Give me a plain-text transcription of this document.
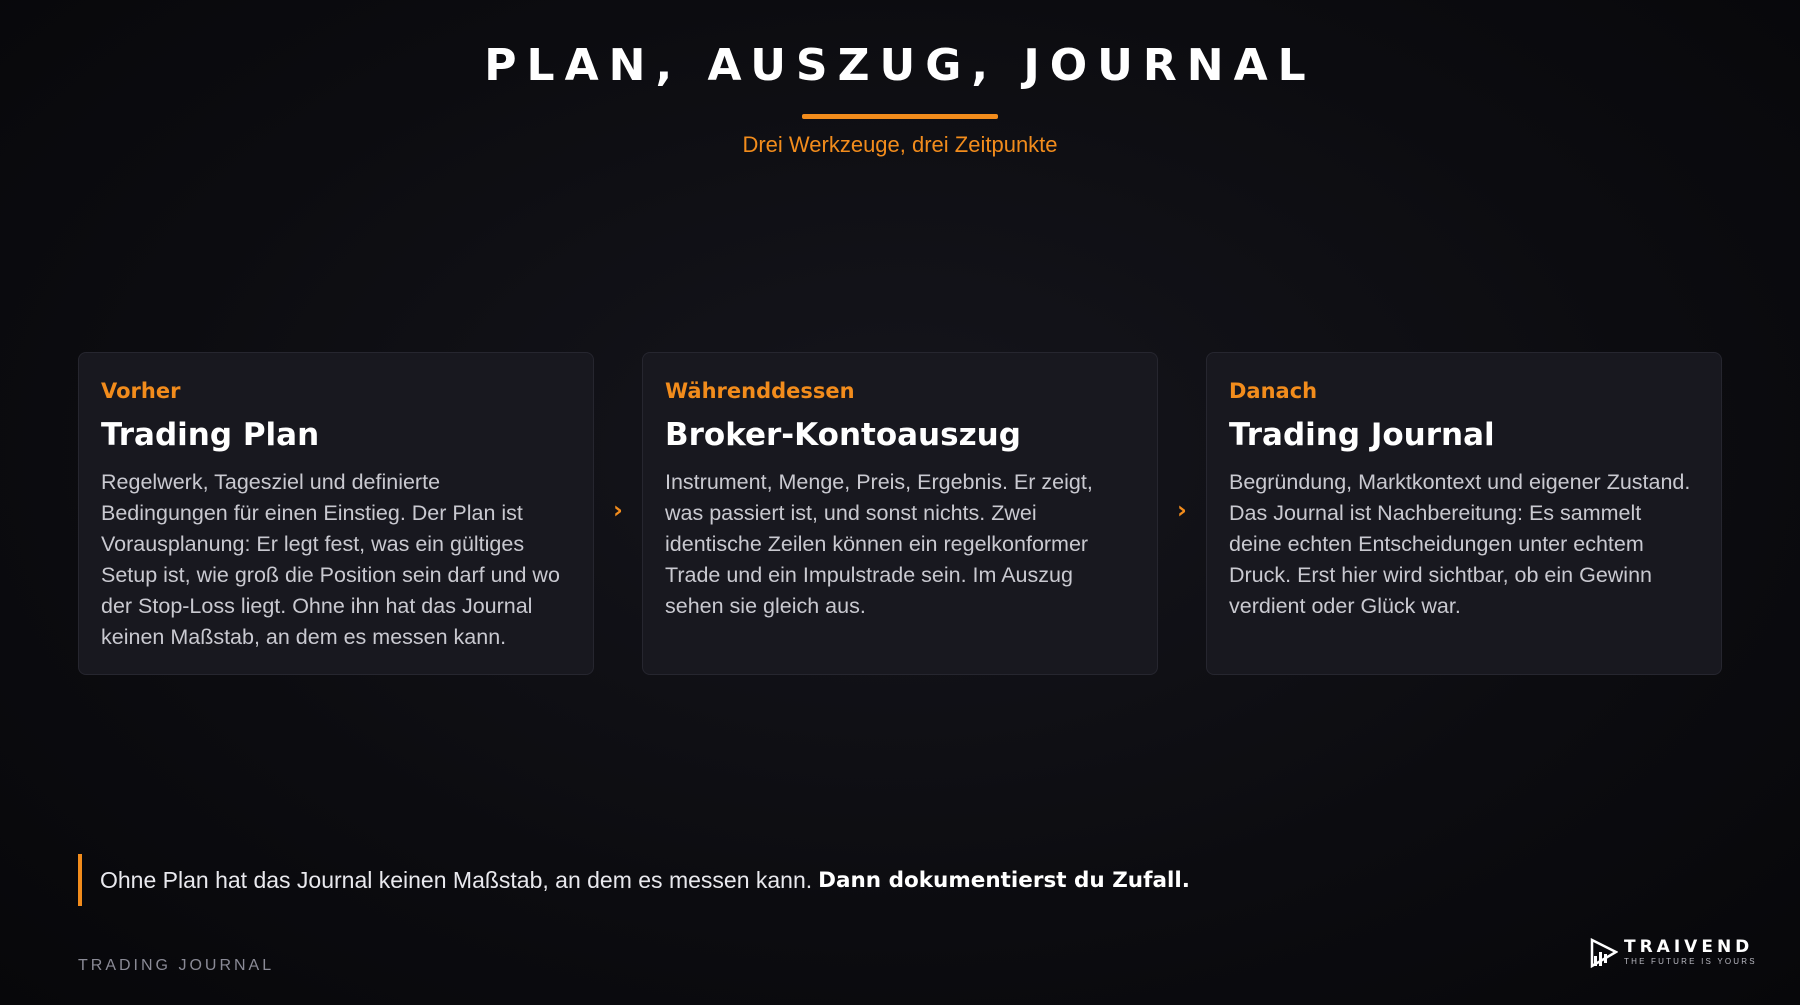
PLAN, AUSZUG, JOURNAL
Drei Werkzeuge, drei Zeitpunkte
Vorher
Trading Plan
Regelwerk, Tagesziel und definierte Bedingungen für einen Einstieg. Der Plan ist Vorausplanung: Er legt fest, was ein gültiges Setup ist, wie groß die Position sein darf und wo der Stop-Loss liegt. Ohne ihn hat das Journal keinen Maßstab, an dem es messen kann.
›
Währenddessen
Broker-Kontoauszug
Instrument, Menge, Preis, Ergebnis. Er zeigt, was passiert ist, und sonst nichts. Zwei identische Zeilen können ein regelkonformer Trade und ein Impulstrade sein. Im Auszug sehen sie gleich aus.
›
Danach
Trading Journal
Begründung, Marktkontext und eigener Zustand. Das Journal ist Nachbereitung: Es sammelt deine echten Entscheidungen unter echtem Druck. Erst hier wird sichtbar, ob ein Gewinn verdient oder Glück war.
Ohne Plan hat das Journal keinen Maßstab, an dem es messen kann. Dann dokumentierst du Zufall.
TRADING JOURNAL
TRAIVEND
THE FUTURE IS YOURS
